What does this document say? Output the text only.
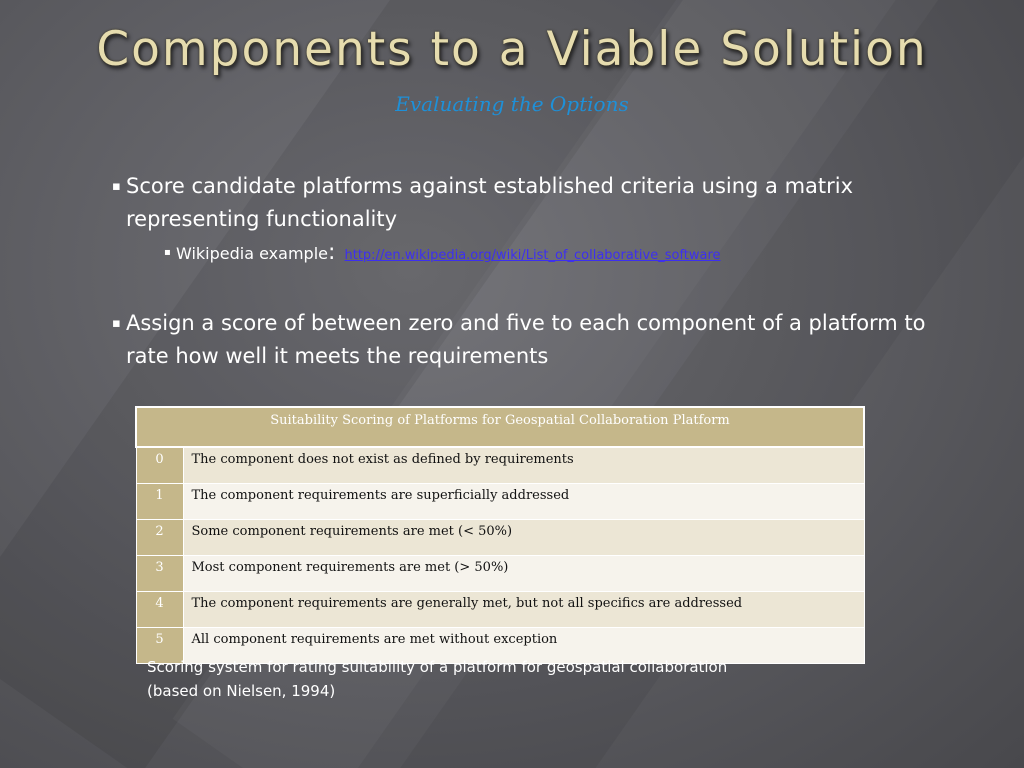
Components to a Viable Solution
Evaluating the Options
▪ Score candidate platforms against established criteria using a matrix representing functionality
▪ Wikipedia example: http://en.wikipedia.org/wiki/List_of_collaborative_software
▪ Assign a score of between zero and five to each component of a platform to rate how well it meets the requirements
Suitability Scoring of Platforms for Geospatial Collaboration Platform	
0	The component does not exist as defined by requirements
1	The component requirements are superficially addressed
2	Some component requirements are met (< 50%)
3	Most component requirements are met (> 50%)
4	The component requirements are generally met, but not all specifics are addressed
5	All component requirements are met without exception
Scoring system for rating suitability of a platform for geospatial collaboration
(based on Nielsen, 1994)
